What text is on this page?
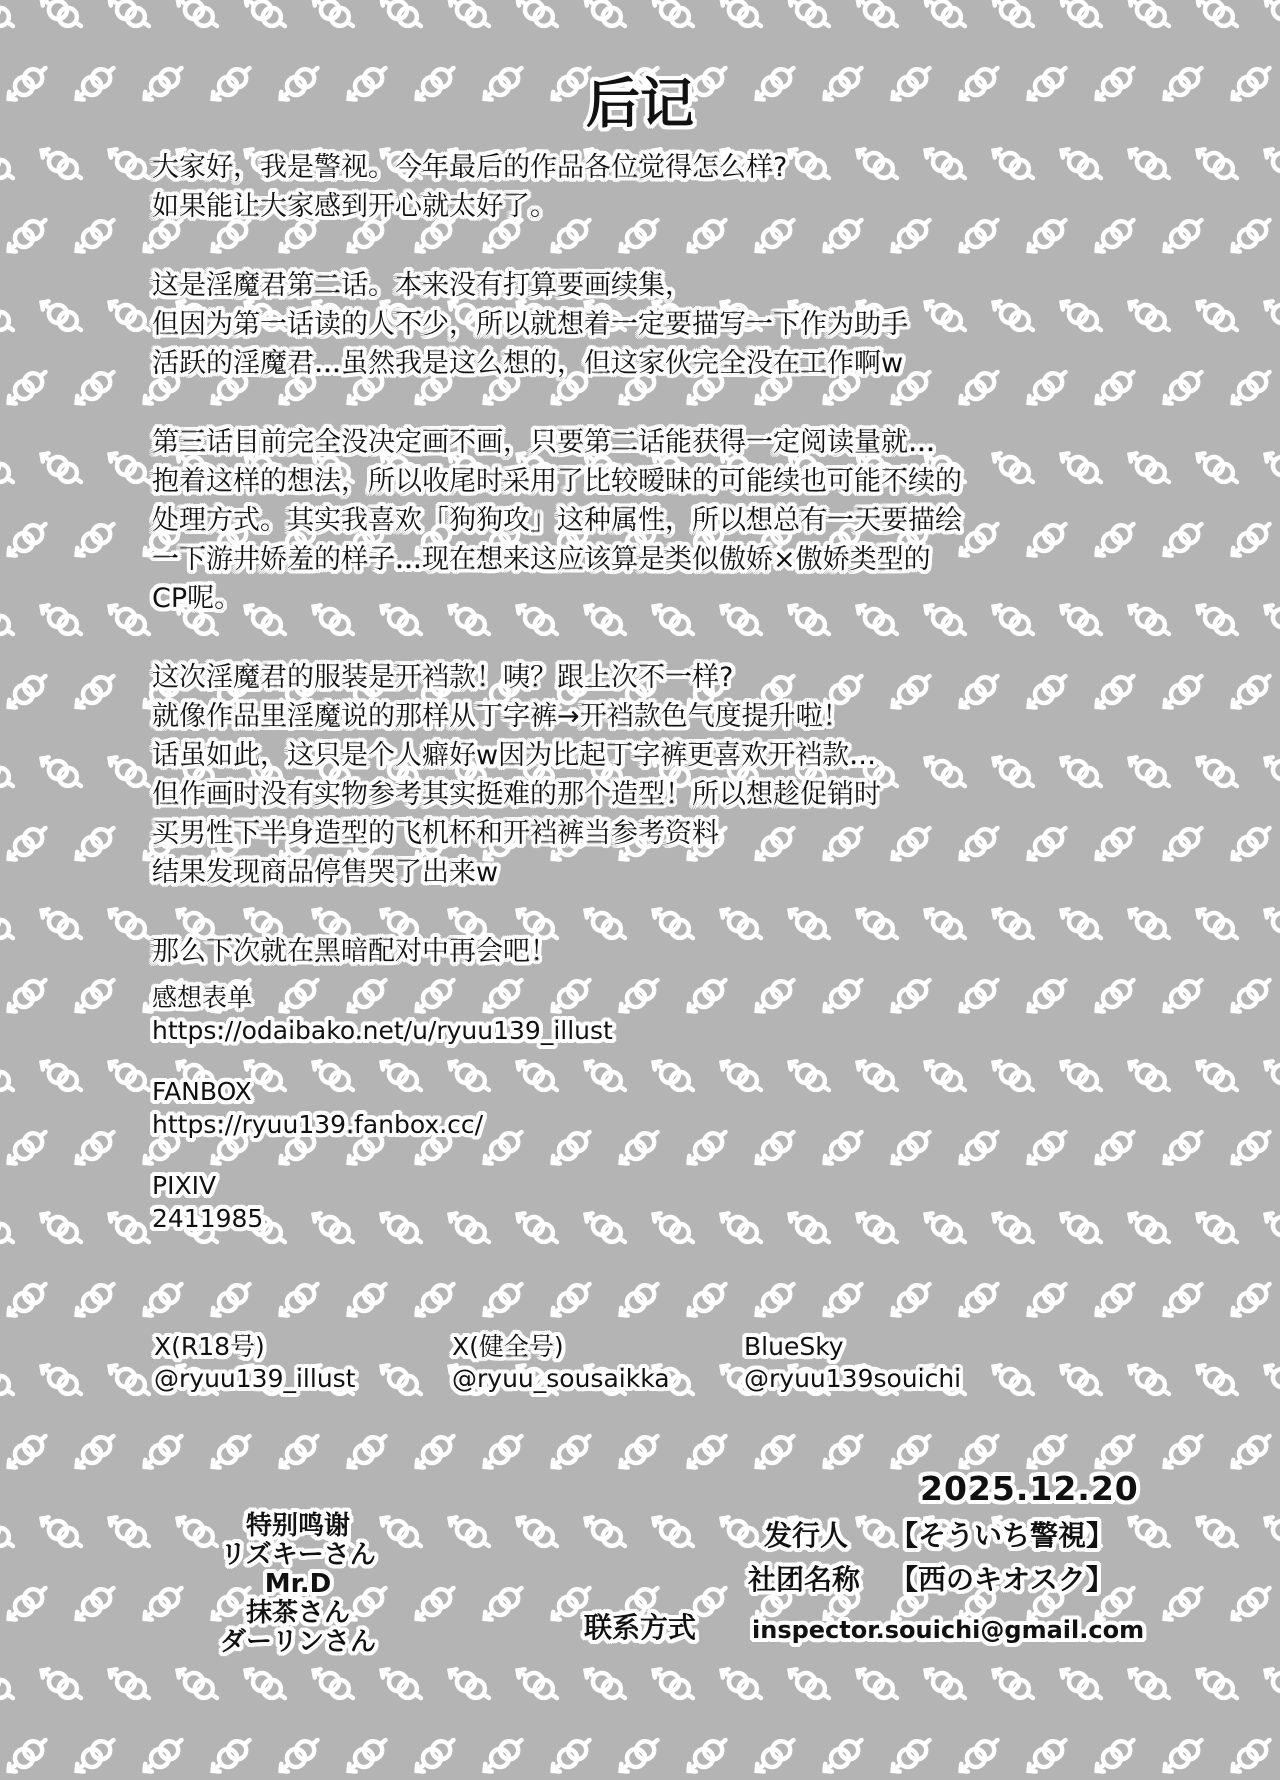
后记
大家好，我是警视。今年最后的作品各位觉得怎么样?
如果能让大家感到开心就太好了。
这是淫魔君第二话。本来没有打算要画续集，
但因为第一话读的人不少，所以就想着一定要描写一下作为助手
活跃的淫魔君…虽然我是这么想的，但这家伙完全没在工作啊w
第三话目前完全没决定画不画，只要第二话能获得一定阅读量就…
抱着这样的想法，所以收尾时采用了比较暧昧的可能续也可能不续的
处理方式。其实我喜欢「狗狗攻」这种属性，所以想总有一天要描绘
一下游井娇羞的样子…现在想来这应该算是类似傲娇×傲娇类型的
CP呢。
这次淫魔君的服装是开裆款！咦？跟上次不一样?
就像作品里淫魔说的那样从丁字裤→开裆款色气度提升啦！
话虽如此，这只是个人癖好w因为比起丁字裤更喜欢开裆款…
但作画时没有实物参考其实挺难的那个造型！所以想趁促销时
买男性下半身造型的飞机杯和开裆裤当参考资料
结果发现商品停售哭了出来w
那么下次就在黑暗配对中再会吧！
感想表单
https://odaibako.net/u/ryuu139_illust
FANBOX
https://ryuu139.fanbox.cc/
PIXIV
2411985
X(R18号)
@ryuu139_illust
X(健全号)
@ryuu_sousaikka
BlueSky
@ryuu139souichi
特别鸣谢
リズキーさん
Mr.D
抹茶さん
ダーリンさん
2025.12.20
发行人 【そういち警視】
社团名称 【西のキオスク】
联系方式 inspector.souichi@gmail.com
